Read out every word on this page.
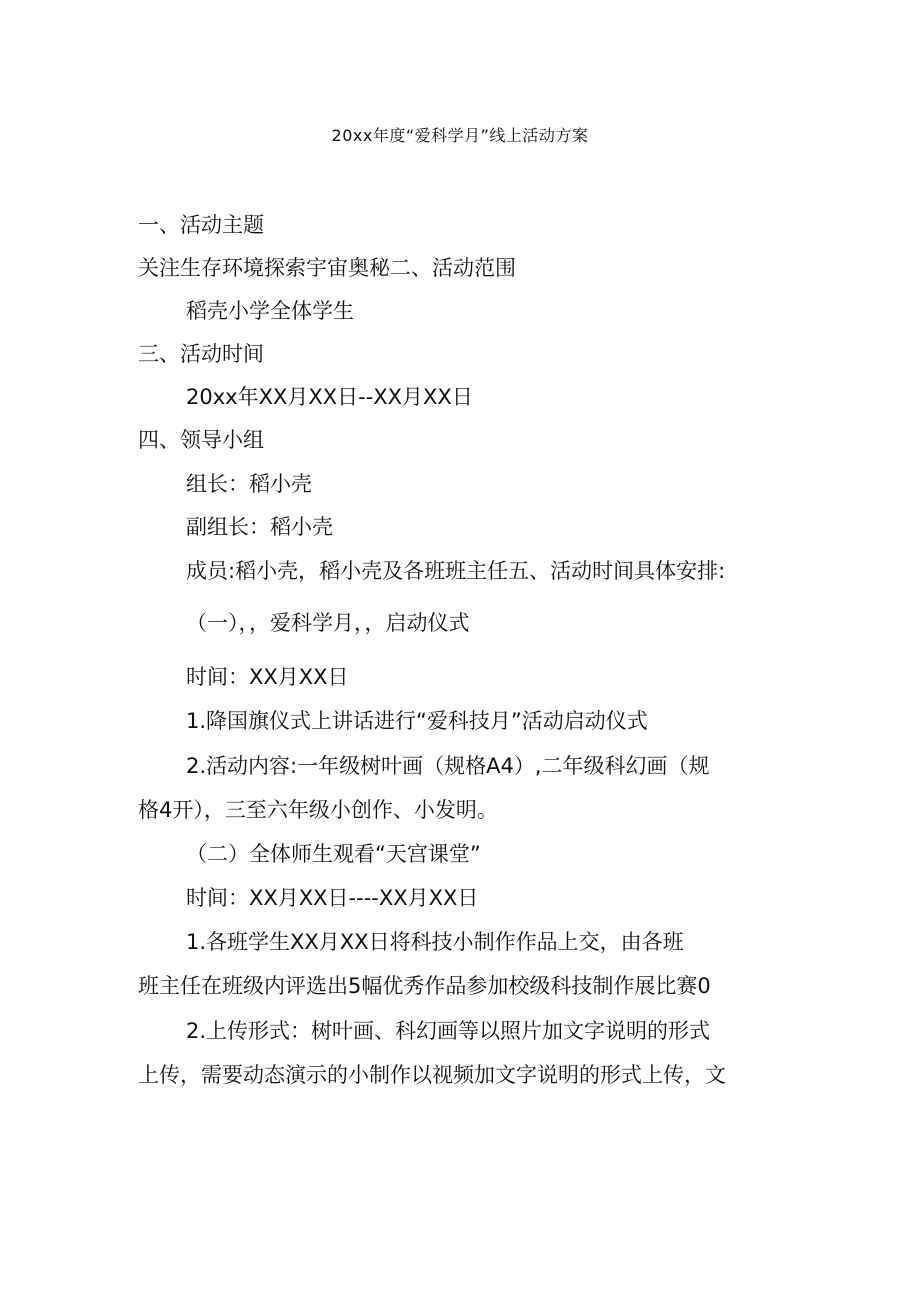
20xx年度“爱科学月”线上活动方案

一、活动主题

关注生存环境探索宇宙奥秘二、活动范围

稻壳小学全体学生

三、活动时间

20xx年XX月XX日--XX月XX日

四、领导小组

组长：稻小壳

副组长：稻小壳

成员:稻小壳，稻小壳及各班班主任五、活动时间具体安排:

（一），，爱科学月，，启动仪式

时间：XX月XX日

1.降国旗仪式上讲话进行“爱科技月”活动启动仪式

2.活动内容:一年级树叶画（规格A4）,二年级科幻画（规

格4开），三至六年级小创作、小发明。

（二）全体师生观看“天宫课堂”

时间：XX月XX日----XX月XX日

1.各班学生XX月XX日将科技小制作作品上交，由各班

班主任在班级内评选出5幅优秀作品参加校级科技制作展比赛0

2.上传形式：树叶画、科幻画等以照片加文字说明的形式

上传，需要动态演示的小制作以视频加文字说明的形式上传，文
